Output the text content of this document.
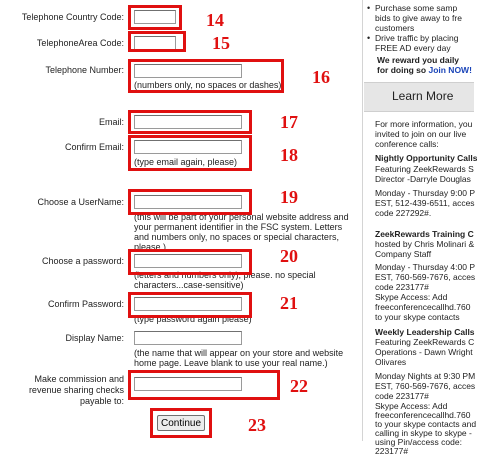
Telephone Country Code:	14
TelephoneArea Code:	15
Telephone Number:
(numbers only, no spaces or dashes) 16
Email:	17
Confirm Email:
(type email again, please) 18
Choose a UserName:
(this will be part of your personal website address and
your permanent identifier in the FSC system. Letters
and numbers only, no spaces or special characters,
please.)
19
Choose a password:
(letters and numbers only), please. no special
characters...case-sensitive)
20
Confirm Password:
(type password again please)
21
Display Name:
(the name that will appear on your store and website
home page. Leave blank to use your real name.)
Make commission and
revenue sharing checks
payable to:
22
Continue	23
• Purchase some samp
bids to give away to fre
customers
• Drive traffic by placing
FREE AD every day
We reward you daily
for doing so Join NOW!
Learn More
For more information, you
invited to join on our live
conference calls:
Nightly Opportunity Calls
Featuring ZeekRewards S
Director -Darryle Douglas
Monday - Thursday 9:00 P
EST, 512-439-6511, acces
code 227292#.
ZeekRewards Training C
hosted by Chris Molinari &
Company Staff
Monday - Thursday 4:00 P
EST, 760-569-7676, acces
code 223177#
Skype Access: Add
freeconferencecallhd.760
to your skype contacts
Weekly Leadership Calls
Featuring ZeekRewards C
Operations - Dawn Wright
Olivares
Monday Nights at 9:30 PM
EST, 760-569-7676, acces
code 223177#
Skype Access: Add
freeconferencecallhd.760
to your skype contacts and
calling in skype to skype -
using Pin/access code:
223177#
